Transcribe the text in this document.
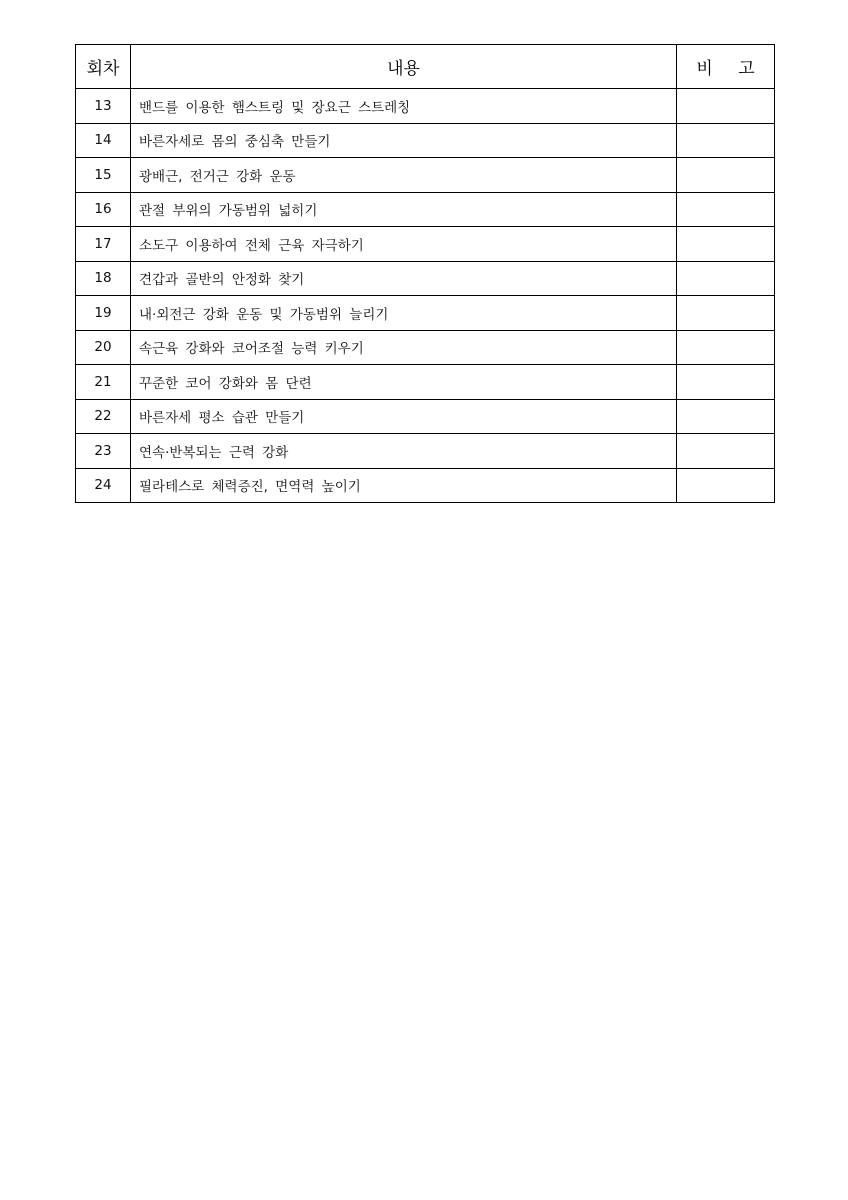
회차	내용	비 고
13	밴드를 이용한 햄스트링 및 장요근 스트레칭	
14	바른자세로 몸의 중심축 만들기	
15	광배근, 전거근 강화 운동	
16	관절 부위의 가동범위 넓히기	
17	소도구 이용하여 전체 근육 자극하기	
18	견갑과 골반의 안정화 찾기	
19	내·외전근 강화 운동 및 가동범위 늘리기	
20	속근육 강화와 코어조절 능력 키우기	
21	꾸준한 코어 강화와 몸 단련	
22	바른자세 평소 습관 만들기	
23	연속·반복되는 근력 강화	
24	필라테스로 체력증진, 면역력 높이기	
